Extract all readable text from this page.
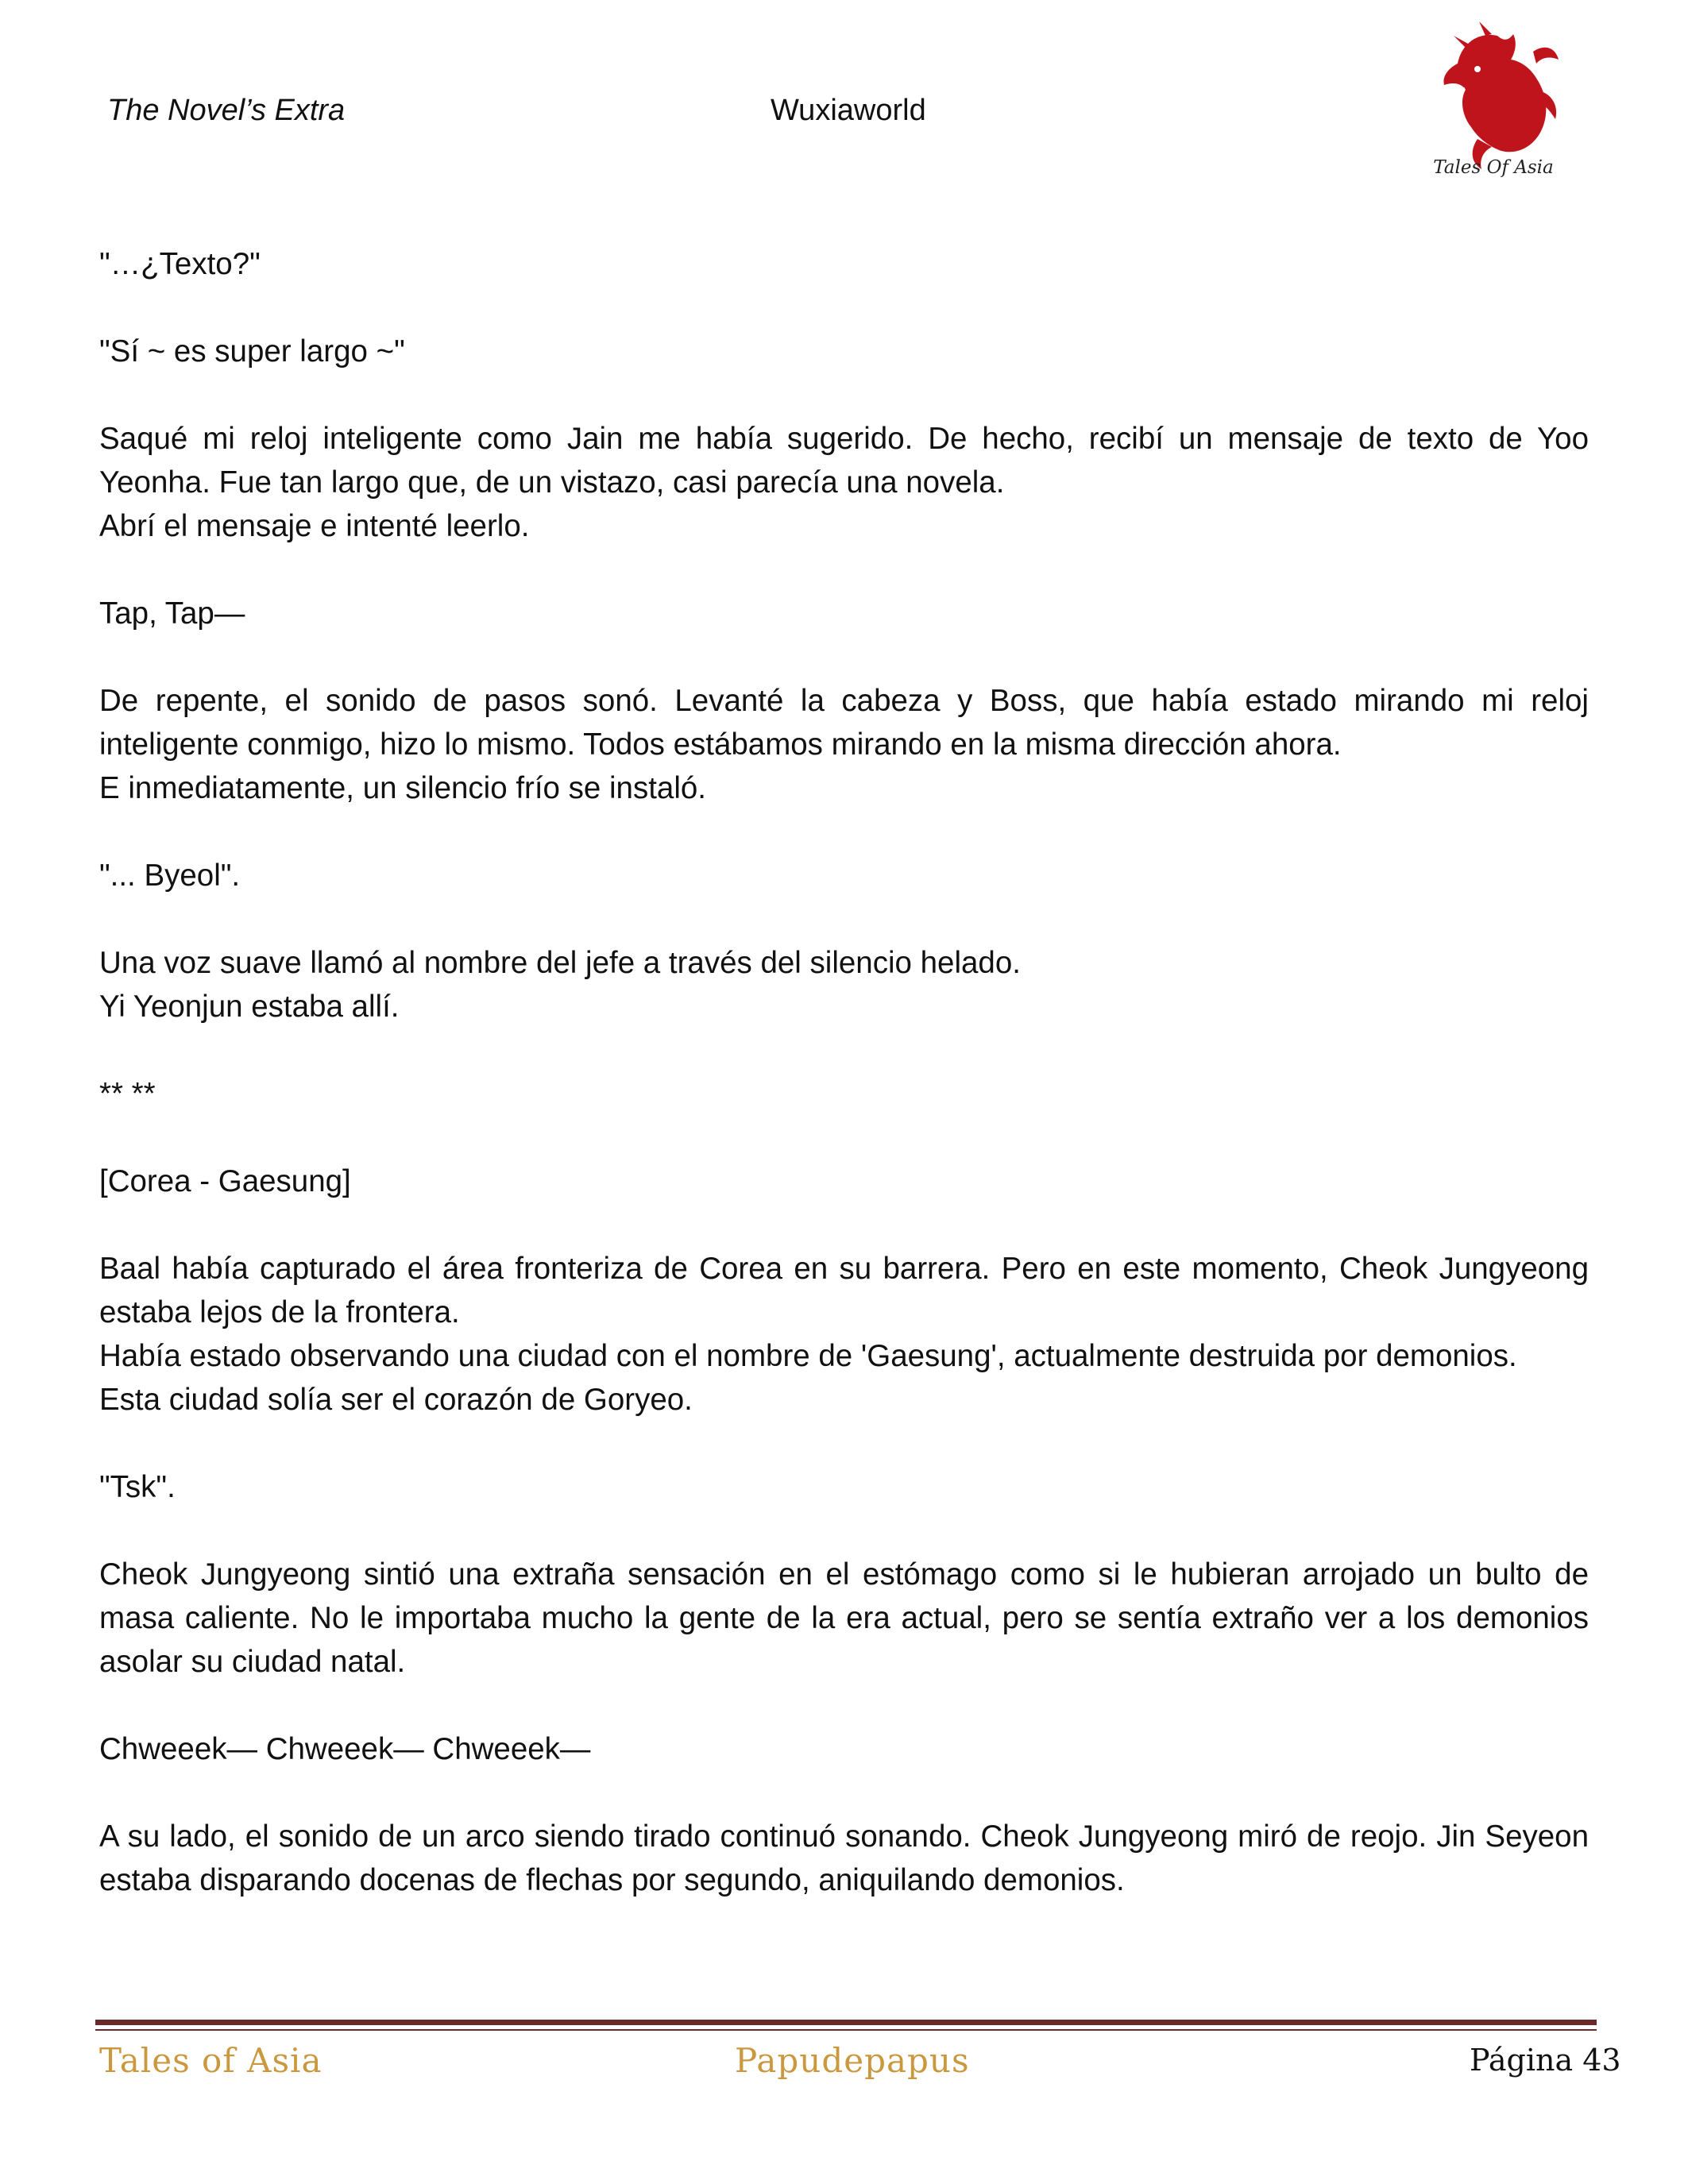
The Novel’s Extra	Wuxiaworld
Tales Of Asia

"…¿Texto?"

"Sí ~ es super largo ~"

Saqué mi reloj inteligente como Jain me había sugerido. De hecho, recibí un mensaje de texto de Yoo Yeonha. Fue tan largo que, de un vistazo, casi parecía una novela.
Abrí el mensaje e intenté leerlo.

Tap, Tap—

De repente, el sonido de pasos sonó. Levanté la cabeza y Boss, que había estado mirando mi reloj inteligente conmigo, hizo lo mismo. Todos estábamos mirando en la misma dirección ahora.
E inmediatamente, un silencio frío se instaló.

"... Byeol".

Una voz suave llamó al nombre del jefe a través del silencio helado.
Yi Yeonjun estaba allí.

** **

[Corea - Gaesung]

Baal había capturado el área fronteriza de Corea en su barrera. Pero en este momento, Cheok Jungyeong estaba lejos de la frontera.
Había estado observando una ciudad con el nombre de 'Gaesung', actualmente destruida por demonios.
Esta ciudad solía ser el corazón de Goryeo.

"Tsk".

Cheok Jungyeong sintió una extraña sensación en el estómago como si le hubieran arrojado un bulto de masa caliente. No le importaba mucho la gente de la era actual, pero se sentía extraño ver a los demonios asolar su ciudad natal.

Chweeek— Chweeek— Chweeek—

A su lado, el sonido de un arco siendo tirado continuó sonando. Cheok Jungyeong miró de reojo. Jin Seyeon estaba disparando docenas de flechas por segundo, aniquilando demonios.

Tales of Asia	Papudepapus	Página 43
